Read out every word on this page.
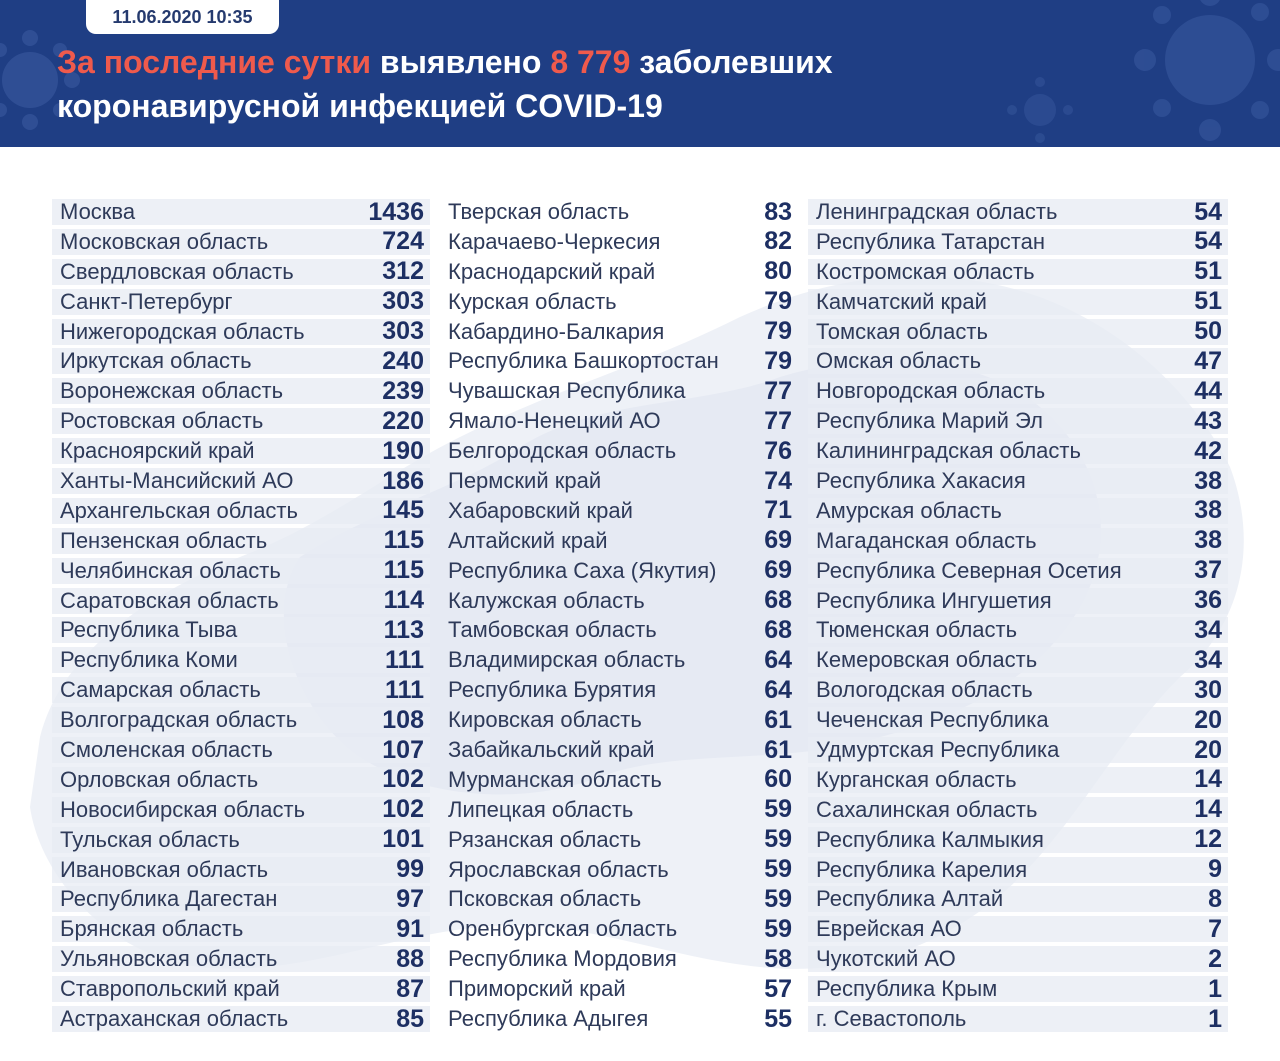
11.06.2020 10:35
За последние сутки выявлено 8 779 заболевших
коронавирусной инфекцией COVID-19
Москва	1436
Московская область	724
Свердловская область	312
Санкт-Петербург	303
Нижегородская область	303
Иркутская область	240
Воронежская область	239
Ростовская область	220
Красноярский край	190
Ханты-Мансийский АО	186
Архангельская область	145
Пензенская область	115
Челябинская область	115
Саратовская область	114
Республика Тыва	113
Республика Коми	111
Самарская область	111
Волгоградская область	108
Смоленская область	107
Орловская область	102
Новосибирская область	102
Тульская область	101
Ивановская область	99
Республика Дагестан	97
Брянская область	91
Ульяновская область	88
Ставропольский край	87
Астраханская область	85
Тверская область	83
Карачаево-Черкесия	82
Краснодарский край	80
Курская область	79
Кабардино-Балкария	79
Республика Башкортостан 79
Чувашская Республика	77
Ямало-Ненецкий АО	77
Белгородская область	76
Пермский край	74
Хабаровский край	71
Алтайский край	69
Республика Саха (Якутия) 69
Калужская область	68
Тамбовская область	68
Владимирская область	64
Республика Бурятия	64
Кировская область	61
Забайкальский край	61
Мурманская область	60
Липецкая область	59
Рязанская область	59
Ярославская область	59
Псковская область	59
Оренбургская область	59
Республика Мордовия	58
Приморский край	57
Республика Адыгея	55
Ленинградская область	54
Республика Татарстан	54
Костромская область	51
Камчатский край	51
Томская область	50
Омская область	47
Новгородская область	44
Республика Марий Эл	43
Калининградская область	42
Республика Хакасия	38
Амурская область	38
Магаданская область	38
Республика Северная Осетия	37
Республика Ингушетия	36
Тюменская область	34
Кемеровская область	34
Вологодская область	30
Чеченская Республика	20
Удмуртская Республика	20
Курганская область	14
Сахалинская область	14
Республика Калмыкия	12
Республика Карелия	9
Республика Алтай	8
Еврейская АО	7
Чукотский АО	2
Республика Крым	1
г. Севастополь	1
